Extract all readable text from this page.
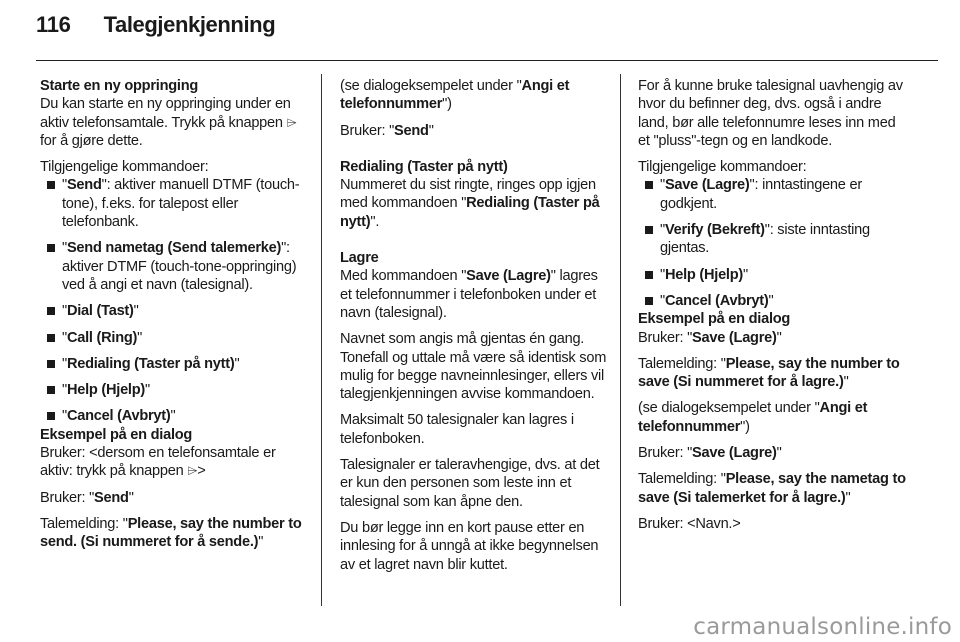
116 Talegjenkjenning
Starte en ny oppringing
Du kan starte en ny oppringing under en aktiv telefonsamtale. Trykk på knappen ⌲ for å gjøre dette.
Tilgjengelige kommandoer:
"Send": aktiver manuell DTMF (touch-tone), f.eks. for talepost eller telefonbank.
"Send nametag (Send talemerke)": aktiver DTMF (touch-tone-oppringing) ved å angi et navn (talesignal).
"Dial (Tast)"
"Call (Ring)"
"Redialing (Taster på nytt)"
"Help (Hjelp)"
"Cancel (Avbryt)"
Eksempel på en dialog
Bruker: <dersom en telefonsamtale er aktiv: trykk på knappen ⌲>
Bruker: "Send"
Talemelding: "Please, say the number to send. (Si nummeret for å sende.)"
(se dialogeksempelet under "Angi et telefonnummer")
Bruker: "Send"
Redialing (Taster på nytt)
Nummeret du sist ringte, ringes opp igjen med kommandoen "Redialing (Taster på nytt)".
Lagre
Med kommandoen "Save (Lagre)" lagres et telefonnummer i telefonboken under et navn (talesignal).
Navnet som angis må gjentas én gang. Tonefall og uttale må være så identisk som mulig for begge navneinnlesinger, ellers vil talegjenkjenningen avvise kommandoen.
Maksimalt 50 talesignaler kan lagres i telefonboken.
Talesignaler er taleravhengige, dvs. at det er kun den personen som leste inn et talesignal som kan åpne den.
Du bør legge inn en kort pause etter en innlesing for å unngå at ikke begynnelsen av et lagret navn blir kuttet.
For å kunne bruke talesignal uavhengig av hvor du befinner deg, dvs. også i andre land, bør alle telefonnumre leses inn med et "pluss"-tegn og en landkode.
Tilgjengelige kommandoer:
"Save (Lagre)": inntastingene er godkjent.
"Verify (Bekreft)": siste inntasting gjentas.
"Help (Hjelp)"
"Cancel (Avbryt)"
Eksempel på en dialog
Bruker: "Save (Lagre)"
Talemelding: "Please, say the number to save (Si nummeret for å lagre.)"
(se dialogeksempelet under "Angi et telefonnummer")
Bruker: "Save (Lagre)"
Talemelding: "Please, say the nametag to save (Si talemerket for å lagre.)"
Bruker: <Navn.>
carmanualsonline.info
